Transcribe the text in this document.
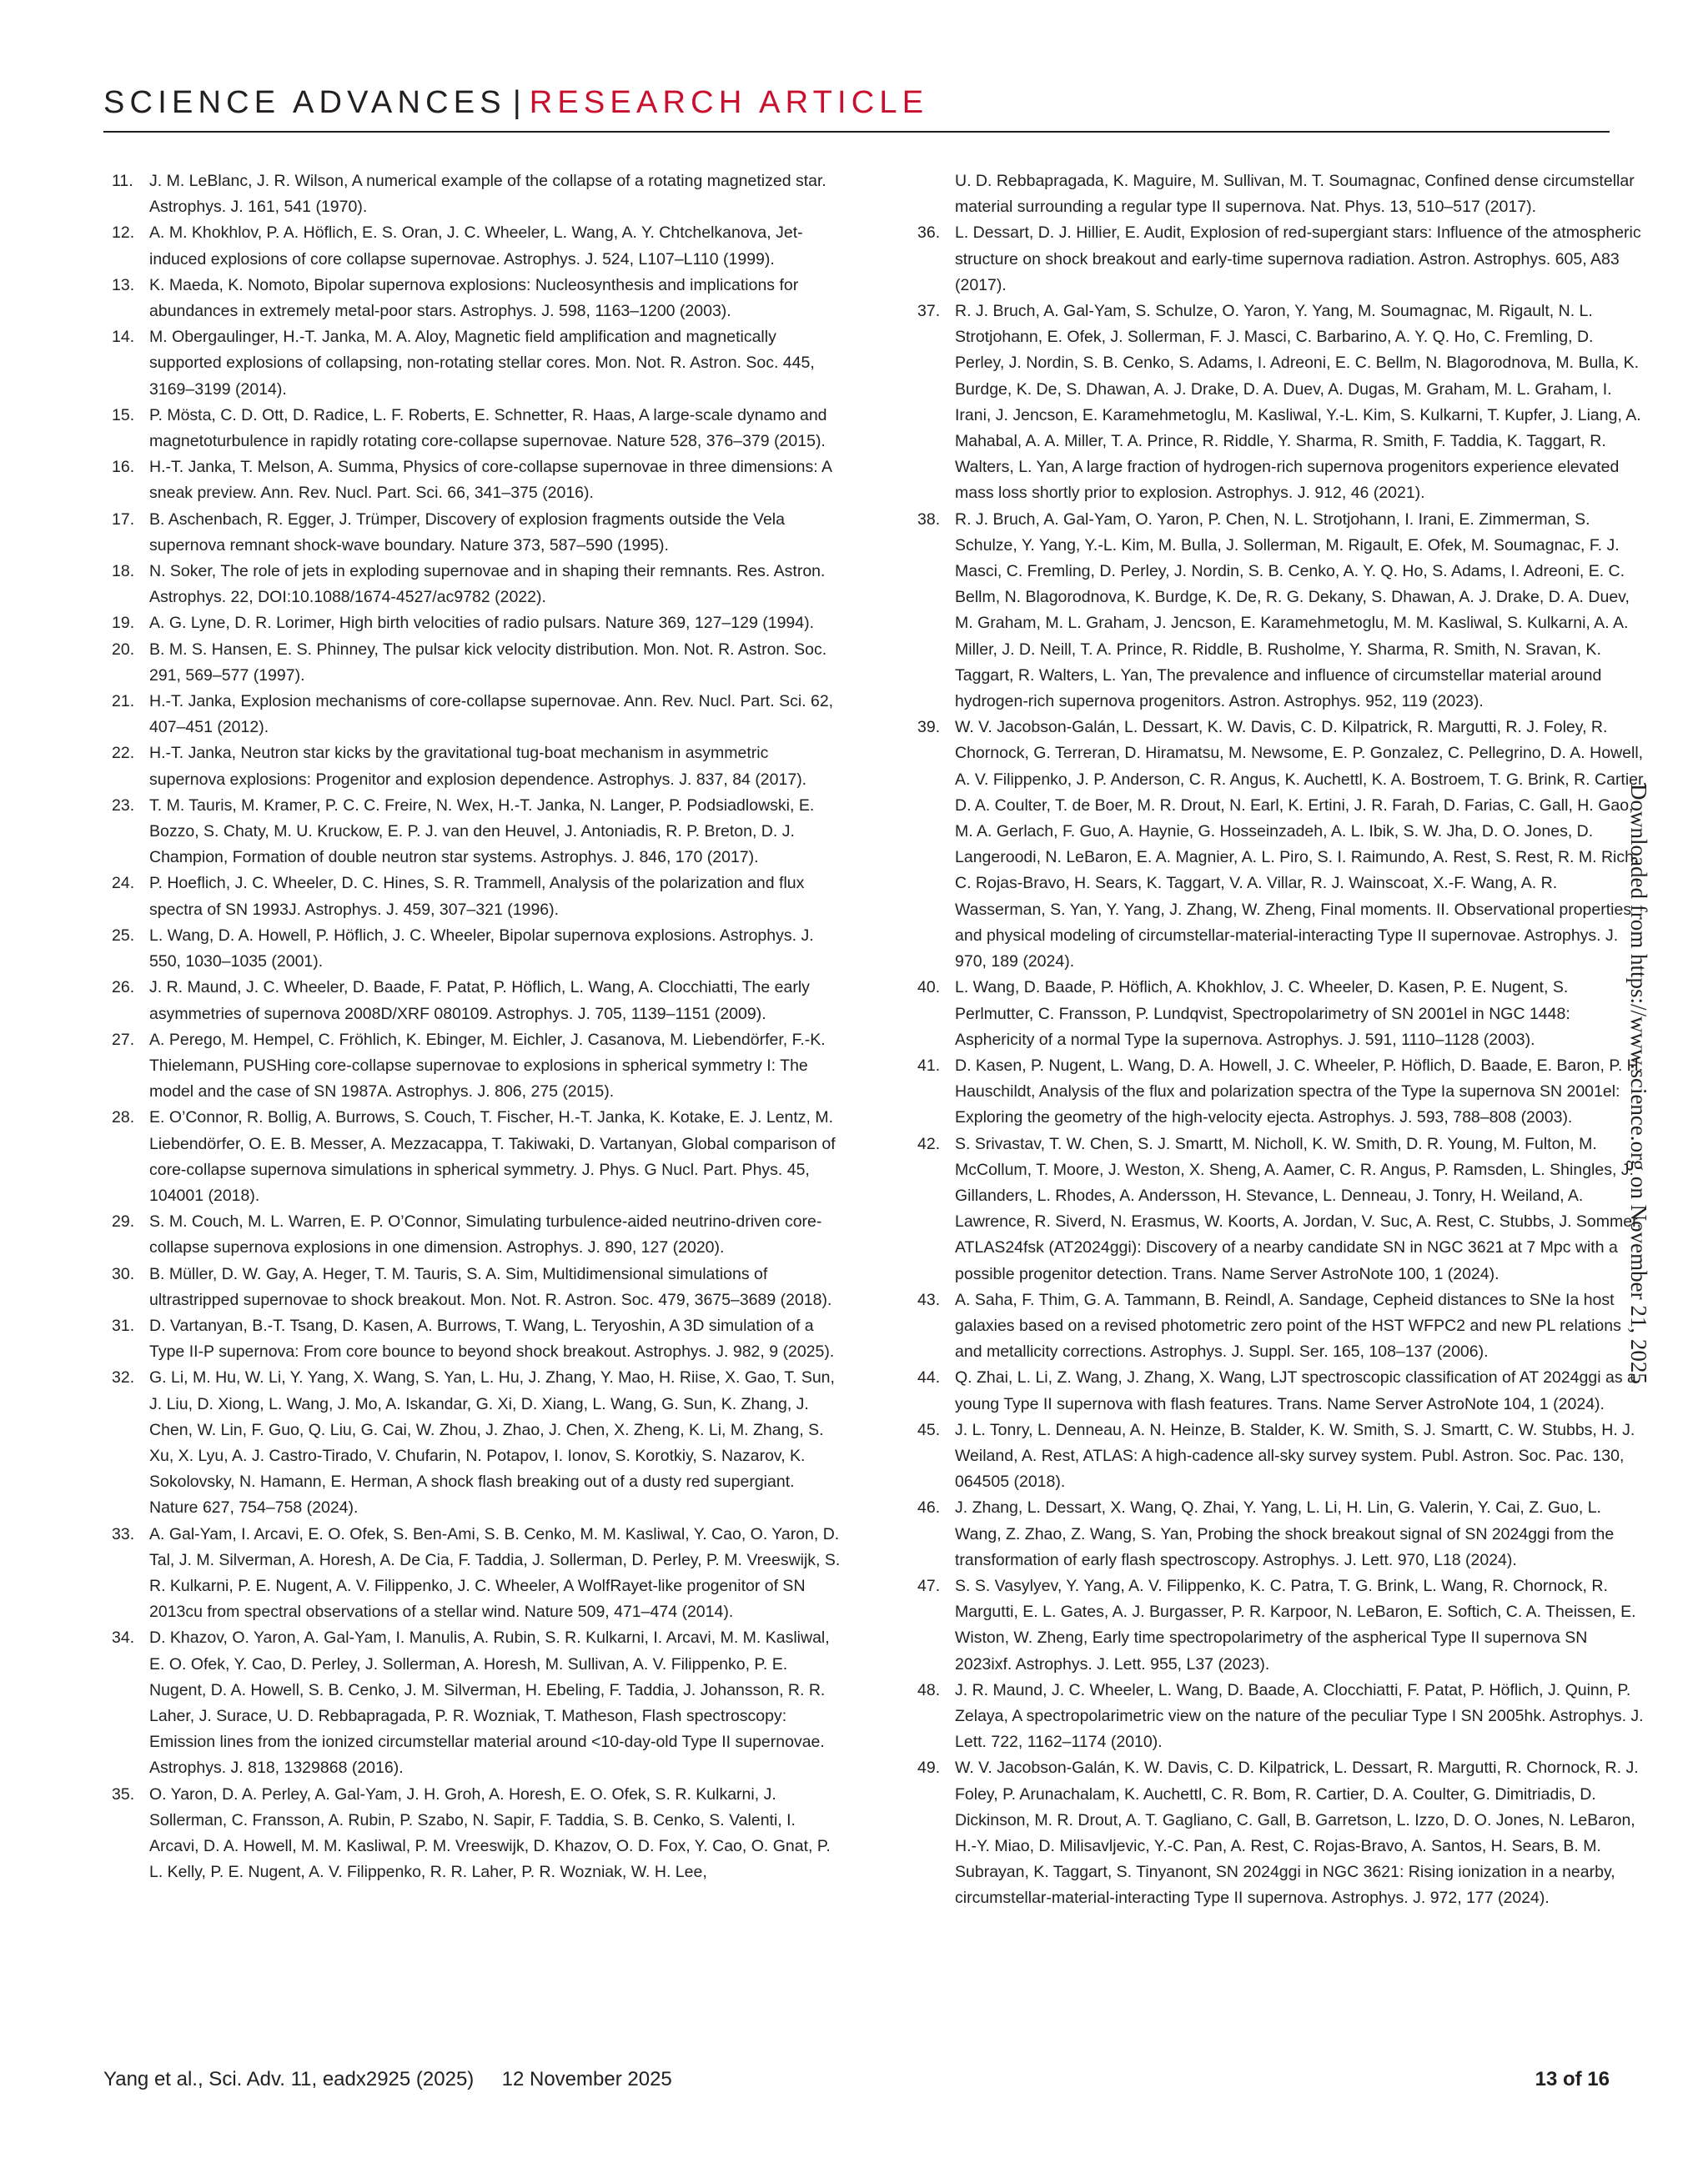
SCIENCE ADVANCES | RESEARCH ARTICLE

11. J. M. LeBlanc, J. R. Wilson, A numerical example of the collapse of a rotating magnetized star. Astrophys. J. 161, 541 (1970).

12. A. M. Khokhlov, P. A. Höflich, E. S. Oran, J. C. Wheeler, L. Wang, A. Y. Chtchelkanova, Jet-induced explosions of core collapse supernovae. Astrophys. J. 524, L107–L110 (1999).

13. K. Maeda, K. Nomoto, Bipolar supernova explosions: Nucleosynthesis and implications for abundances in extremely metal-poor stars. Astrophys. J. 598, 1163–1200 (2003).

14. M. Obergaulinger, H.-T. Janka, M. A. Aloy, Magnetic field amplification and magnetically supported explosions of collapsing, non-rotating stellar cores. Mon. Not. R. Astron. Soc. 445, 3169–3199 (2014).

15. P. Mösta, C. D. Ott, D. Radice, L. F. Roberts, E. Schnetter, R. Haas, A large-scale dynamo and magnetoturbulence in rapidly rotating core-collapse supernovae. Nature 528, 376–379 (2015).

16. H.-T. Janka, T. Melson, A. Summa, Physics of core-collapse supernovae in three dimensions: A sneak preview. Ann. Rev. Nucl. Part. Sci. 66, 341–375 (2016).

17. B. Aschenbach, R. Egger, J. Trümper, Discovery of explosion fragments outside the Vela supernova remnant shock-wave boundary. Nature 373, 587–590 (1995).

18. N. Soker, The role of jets in exploding supernovae and in shaping their remnants. Res. Astron. Astrophys. 22, DOI:10.1088/1674-4527/ac9782 (2022).

19. A. G. Lyne, D. R. Lorimer, High birth velocities of radio pulsars. Nature 369, 127–129 (1994).

20. B. M. S. Hansen, E. S. Phinney, The pulsar kick velocity distribution. Mon. Not. R. Astron. Soc. 291, 569–577 (1997).

21. H.-T. Janka, Explosion mechanisms of core-collapse supernovae. Ann. Rev. Nucl. Part. Sci. 62, 407–451 (2012).

22. H.-T. Janka, Neutron star kicks by the gravitational tug-boat mechanism in asymmetric supernova explosions: Progenitor and explosion dependence. Astrophys. J. 837, 84 (2017).

23. T. M. Tauris, M. Kramer, P. C. C. Freire, N. Wex, H.-T. Janka, N. Langer, P. Podsiadlowski, E. Bozzo, S. Chaty, M. U. Kruckow, E. P. J. van den Heuvel, J. Antoniadis, R. P. Breton, D. J. Champion, Formation of double neutron star systems. Astrophys. J. 846, 170 (2017).

24. P. Hoeflich, J. C. Wheeler, D. C. Hines, S. R. Trammell, Analysis of the polarization and flux spectra of SN 1993J. Astrophys. J. 459, 307–321 (1996).

25. L. Wang, D. A. Howell, P. Höflich, J. C. Wheeler, Bipolar supernova explosions. Astrophys. J. 550, 1030–1035 (2001).

26. J. R. Maund, J. C. Wheeler, D. Baade, F. Patat, P. Höflich, L. Wang, A. Clocchiatti, The early asymmetries of supernova 2008D/XRF 080109. Astrophys. J. 705, 1139–1151 (2009).

27. A. Perego, M. Hempel, C. Fröhlich, K. Ebinger, M. Eichler, J. Casanova, M. Liebendörfer, F.-K. Thielemann, PUSHing core-collapse supernovae to explosions in spherical symmetry I: The model and the case of SN 1987A. Astrophys. J. 806, 275 (2015).

28. E. O’Connor, R. Bollig, A. Burrows, S. Couch, T. Fischer, H.-T. Janka, K. Kotake, E. J. Lentz, M. Liebendörfer, O. E. B. Messer, A. Mezzacappa, T. Takiwaki, D. Vartanyan, Global comparison of core-collapse supernova simulations in spherical symmetry. J. Phys. G Nucl. Part. Phys. 45, 104001 (2018).

29. S. M. Couch, M. L. Warren, E. P. O’Connor, Simulating turbulence-aided neutrino-driven core-collapse supernova explosions in one dimension. Astrophys. J. 890, 127 (2020).

30. B. Müller, D. W. Gay, A. Heger, T. M. Tauris, S. A. Sim, Multidimensional simulations of ultrastripped supernovae to shock breakout. Mon. Not. R. Astron. Soc. 479, 3675–3689 (2018).

31. D. Vartanyan, B.-T. Tsang, D. Kasen, A. Burrows, T. Wang, L. Teryoshin, A 3D simulation of a Type II-P supernova: From core bounce to beyond shock breakout. Astrophys. J. 982, 9 (2025).

32. G. Li, M. Hu, W. Li, Y. Yang, X. Wang, S. Yan, L. Hu, J. Zhang, Y. Mao, H. Riise, X. Gao, T. Sun, J. Liu, D. Xiong, L. Wang, J. Mo, A. Iskandar, G. Xi, D. Xiang, L. Wang, G. Sun, K. Zhang, J. Chen, W. Lin, F. Guo, Q. Liu, G. Cai, W. Zhou, J. Zhao, J. Chen, X. Zheng, K. Li, M. Zhang, S. Xu, X. Lyu, A. J. Castro-Tirado, V. Chufarin, N. Potapov, I. Ionov, S. Korotkiy, S. Nazarov, K. Sokolovsky, N. Hamann, E. Herman, A shock flash breaking out of a dusty red supergiant. Nature 627, 754–758 (2024).

33. A. Gal-Yam, I. Arcavi, E. O. Ofek, S. Ben-Ami, S. B. Cenko, M. M. Kasliwal, Y. Cao, O. Yaron, D. Tal, J. M. Silverman, A. Horesh, A. De Cia, F. Taddia, J. Sollerman, D. Perley, P. M. Vreeswijk, S. R. Kulkarni, P. E. Nugent, A. V. Filippenko, J. C. Wheeler, A WolfRayet-like progenitor of SN 2013cu from spectral observations of a stellar wind. Nature 509, 471–474 (2014).

34. D. Khazov, O. Yaron, A. Gal-Yam, I. Manulis, A. Rubin, S. R. Kulkarni, I. Arcavi, M. M. Kasliwal, E. O. Ofek, Y. Cao, D. Perley, J. Sollerman, A. Horesh, M. Sullivan, A. V. Filippenko, P. E. Nugent, D. A. Howell, S. B. Cenko, J. M. Silverman, H. Ebeling, F. Taddia, J. Johansson, R. R. Laher, J. Surace, U. D. Rebbapragada, P. R. Wozniak, T. Matheson, Flash spectroscopy: Emission lines from the ionized circumstellar material around <10-day-old Type II supernovae. Astrophys. J. 818, 1329868 (2016).

35. O. Yaron, D. A. Perley, A. Gal-Yam, J. H. Groh, A. Horesh, E. O. Ofek, S. R. Kulkarni, J. Sollerman, C. Fransson, A. Rubin, P. Szabo, N. Sapir, F. Taddia, S. B. Cenko, S. Valenti, I. Arcavi, D. A. Howell, M. M. Kasliwal, P. M. Vreeswijk, D. Khazov, O. D. Fox, Y. Cao, O. Gnat, P. L. Kelly, P. E. Nugent, A. V. Filippenko, R. R. Laher, P. R. Wozniak, W. H. Lee,

U. D. Rebbapragada, K. Maguire, M. Sullivan, M. T. Soumagnac, Confined dense circumstellar material surrounding a regular type II supernova. Nat. Phys. 13, 510–517 (2017).

36. L. Dessart, D. J. Hillier, E. Audit, Explosion of red-supergiant stars: Influence of the atmospheric structure on shock breakout and early-time supernova radiation. Astron. Astrophys. 605, A83 (2017).

37. R. J. Bruch, A. Gal-Yam, S. Schulze, O. Yaron, Y. Yang, M. Soumagnac, M. Rigault, N. L. Strotjohann, E. Ofek, J. Sollerman, F. J. Masci, C. Barbarino, A. Y. Q. Ho, C. Fremling, D. Perley, J. Nordin, S. B. Cenko, S. Adams, I. Adreoni, E. C. Bellm, N. Blagorodnova, M. Bulla, K. Burdge, K. De, S. Dhawan, A. J. Drake, D. A. Duev, A. Dugas, M. Graham, M. L. Graham, I. Irani, J. Jencson, E. Karamehmetoglu, M. Kasliwal, Y.-L. Kim, S. Kulkarni, T. Kupfer, J. Liang, A. Mahabal, A. A. Miller, T. A. Prince, R. Riddle, Y. Sharma, R. Smith, F. Taddia, K. Taggart, R. Walters, L. Yan, A large fraction of hydrogen-rich supernova progenitors experience elevated mass loss shortly prior to explosion. Astrophys. J. 912, 46 (2021).

38. R. J. Bruch, A. Gal-Yam, O. Yaron, P. Chen, N. L. Strotjohann, I. Irani, E. Zimmerman, S. Schulze, Y. Yang, Y.-L. Kim, M. Bulla, J. Sollerman, M. Rigault, E. Ofek, M. Soumagnac, F. J. Masci, C. Fremling, D. Perley, J. Nordin, S. B. Cenko, A. Y. Q. Ho, S. Adams, I. Adreoni, E. C. Bellm, N. Blagorodnova, K. Burdge, K. De, R. G. Dekany, S. Dhawan, A. J. Drake, D. A. Duev, M. Graham, M. L. Graham, J. Jencson, E. Karamehmetoglu, M. M. Kasliwal, S. Kulkarni, A. A. Miller, J. D. Neill, T. A. Prince, R. Riddle, B. Rusholme, Y. Sharma, R. Smith, N. Sravan, K. Taggart, R. Walters, L. Yan, The prevalence and influence of circumstellar material around hydrogen-rich supernova progenitors. Astron. Astrophys. 952, 119 (2023).

39. W. V. Jacobson-Galán, L. Dessart, K. W. Davis, C. D. Kilpatrick, R. Margutti, R. J. Foley, R. Chornock, G. Terreran, D. Hiramatsu, M. Newsome, E. P. Gonzalez, C. Pellegrino, D. A. Howell, A. V. Filippenko, J. P. Anderson, C. R. Angus, K. Auchettl, K. A. Bostroem, T. G. Brink, R. Cartier, D. A. Coulter, T. de Boer, M. R. Drout, N. Earl, K. Ertini, J. R. Farah, D. Farias, C. Gall, H. Gao, M. A. Gerlach, F. Guo, A. Haynie, G. Hosseinzadeh, A. L. Ibik, S. W. Jha, D. O. Jones, D. Langeroodi, N. LeBaron, E. A. Magnier, A. L. Piro, S. I. Raimundo, A. Rest, S. Rest, R. M. Rich, C. Rojas-Bravo, H. Sears, K. Taggart, V. A. Villar, R. J. Wainscoat, X.-F. Wang, A. R. Wasserman, S. Yan, Y. Yang, J. Zhang, W. Zheng, Final moments. II. Observational properties and physical modeling of circumstellar-material-interacting Type II supernovae. Astrophys. J. 970, 189 (2024).

40. L. Wang, D. Baade, P. Höflich, A. Khokhlov, J. C. Wheeler, D. Kasen, P. E. Nugent, S. Perlmutter, C. Fransson, P. Lundqvist, Spectropolarimetry of SN 2001el in NGC 1448: Asphericity of a normal Type Ia supernova. Astrophys. J. 591, 1110–1128 (2003).

41. D. Kasen, P. Nugent, L. Wang, D. A. Howell, J. C. Wheeler, P. Höflich, D. Baade, E. Baron, P. H. Hauschildt, Analysis of the flux and polarization spectra of the Type Ia supernova SN 2001el: Exploring the geometry of the high-velocity ejecta. Astrophys. J. 593, 788–808 (2003).

42. S. Srivastav, T. W. Chen, S. J. Smartt, M. Nicholl, K. W. Smith, D. R. Young, M. Fulton, M. McCollum, T. Moore, J. Weston, X. Sheng, A. Aamer, C. R. Angus, P. Ramsden, L. Shingles, J. Gillanders, L. Rhodes, A. Andersson, H. Stevance, L. Denneau, J. Tonry, H. Weiland, A. Lawrence, R. Siverd, N. Erasmus, W. Koorts, A. Jordan, V. Suc, A. Rest, C. Stubbs, J. Sommer, ATLAS24fsk (AT2024ggi): Discovery of a nearby candidate SN in NGC 3621 at 7 Mpc with a possible progenitor detection. Trans. Name Server AstroNote 100, 1 (2024).

43. A. Saha, F. Thim, G. A. Tammann, B. Reindl, A. Sandage, Cepheid distances to SNe Ia host galaxies based on a revised photometric zero point of the HST WFPC2 and new PL relations and metallicity corrections. Astrophys. J. Suppl. Ser. 165, 108–137 (2006).

44. Q. Zhai, L. Li, Z. Wang, J. Zhang, X. Wang, LJT spectroscopic classification of AT 2024ggi as a young Type II supernova with flash features. Trans. Name Server AstroNote 104, 1 (2024).

45. J. L. Tonry, L. Denneau, A. N. Heinze, B. Stalder, K. W. Smith, S. J. Smartt, C. W. Stubbs, H. J. Weiland, A. Rest, ATLAS: A high-cadence all-sky survey system. Publ. Astron. Soc. Pac. 130, 064505 (2018).

46. J. Zhang, L. Dessart, X. Wang, Q. Zhai, Y. Yang, L. Li, H. Lin, G. Valerin, Y. Cai, Z. Guo, L. Wang, Z. Zhao, Z. Wang, S. Yan, Probing the shock breakout signal of SN 2024ggi from the transformation of early flash spectroscopy. Astrophys. J. Lett. 970, L18 (2024).

47. S. S. Vasylyev, Y. Yang, A. V. Filippenko, K. C. Patra, T. G. Brink, L. Wang, R. Chornock, R. Margutti, E. L. Gates, A. J. Burgasser, P. R. Karpoor, N. LeBaron, E. Softich, C. A. Theissen, E. Wiston, W. Zheng, Early time spectropolarimetry of the aspherical Type II supernova SN 2023ixf. Astrophys. J. Lett. 955, L37 (2023).

48. J. R. Maund, J. C. Wheeler, L. Wang, D. Baade, A. Clocchiatti, F. Patat, P. Höflich, J. Quinn, P. Zelaya, A spectropolarimetric view on the nature of the peculiar Type I SN 2005hk. Astrophys. J. Lett. 722, 1162–1174 (2010).

49. W. V. Jacobson-Galán, K. W. Davis, C. D. Kilpatrick, L. Dessart, R. Margutti, R. Chornock, R. J. Foley, P. Arunachalam, K. Auchettl, C. R. Bom, R. Cartier, D. A. Coulter, G. Dimitriadis, D. Dickinson, M. R. Drout, A. T. Gagliano, C. Gall, B. Garretson, L. Izzo, D. O. Jones, N. LeBaron, H.-Y. Miao, D. Milisavljevic, Y.-C. Pan, A. Rest, C. Rojas-Bravo, A. Santos, H. Sears, B. M. Subrayan, K. Taggart, S. Tinyanont, SN 2024ggi in NGC 3621: Rising ionization in a nearby, circumstellar-material-interacting Type II supernova. Astrophys. J. 972, 177 (2024).

Downloaded from https://www.science.org on November 21, 2025
Yang et al., Sci. Adv. 11, eadx2925 (2025)     12 November 2025	13 of 16
